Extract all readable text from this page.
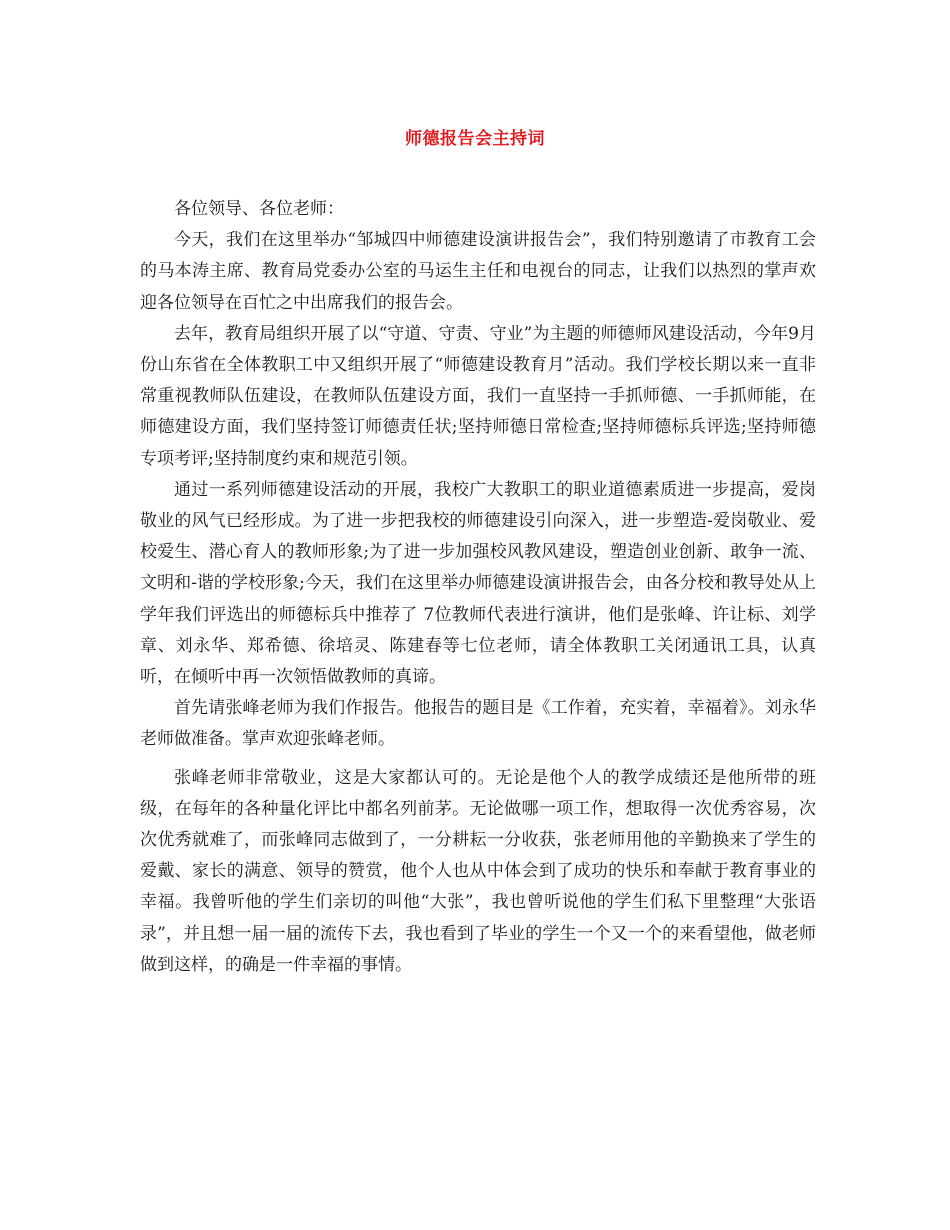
师德报告会主持词

各位领导、各位老师：

今天，我们在这里举办“邹城四中师德建设演讲报告会”，我们特别邀请了市教育工会的马本涛主席、教育局党委办公室的马运生主任和电视台的同志，让我们以热烈的掌声欢迎各位领导在百忙之中出席我们的报告会。

去年，教育局组织开展了以“守道、守责、守业”为主题的师德师风建设活动，今年9月份山东省在全体教职工中又组织开展了“师德建设教育月”活动。我们学校长期以来一直非常重视教师队伍建设，在教师队伍建设方面，我们一直坚持一手抓师德、一手抓师能，在师德建设方面，我们坚持签订师德责任状;坚持师德日常检查;坚持师德标兵评选;坚持师德专项考评;坚持制度约束和规范引领。

通过一系列师德建设活动的开展，我校广大教职工的职业道德素质进一步提高，爱岗敬业的风气已经形成。为了进一步把我校的师德建设引向深入，进一步塑造-爱岗敬业、爱校爱生、潜心育人的教师形象;为了进一步加强校风教风建设，塑造创业创新、敢争一流、文明和-谐的学校形象;今天，我们在这里举办师德建设演讲报告会，由各分校和教导处从上学年我们评选出的师德标兵中推荐了 7位教师代表进行演讲，他们是张峰、许让标、刘学章、刘永华、郑希德、徐培灵、陈建春等七位老师，请全体教职工关闭通讯工具，认真听，在倾听中再一次领悟做教师的真谛。

首先请张峰老师为我们作报告。他报告的题目是《工作着，充实着，幸福着》。刘永华老师做准备。掌声欢迎张峰老师。

张峰老师非常敬业，这是大家都认可的。无论是他个人的教学成绩还是他所带的班级，在每年的各种量化评比中都名列前茅。无论做哪一项工作，想取得一次优秀容易，次次优秀就难了，而张峰同志做到了，一分耕耘一分收获，张老师用他的辛勤换来了学生的爱戴、家长的满意、领导的赞赏，他个人也从中体会到了成功的快乐和奉献于教育事业的幸福。我曾听他的学生们亲切的叫他“大张”，我也曾听说他的学生们私下里整理“大张语录”，并且想一届一届的流传下去，我也看到了毕业的学生一个又一个的来看望他，做老师做到这样，的确是一件幸福的事情。
